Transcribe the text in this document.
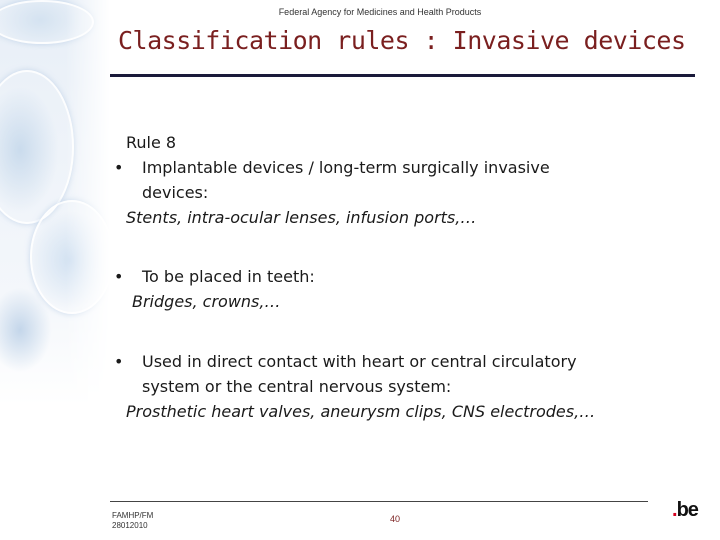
Federal Agency for Medicines and Health Products
Classification rules : Invasive devices

Rule 8

• Implantable devices / long-term surgically invasive
devices:

Stents, intra-ocular lenses, infusion ports,…

• To be placed in teeth:

Bridges, crowns,…

• Used in direct contact with heart or central circulatory
system or the central nervous system:

Prosthetic heart valves, aneurysm clips, CNS electrodes,…

FAMHP/FM
28012010
40	.be
